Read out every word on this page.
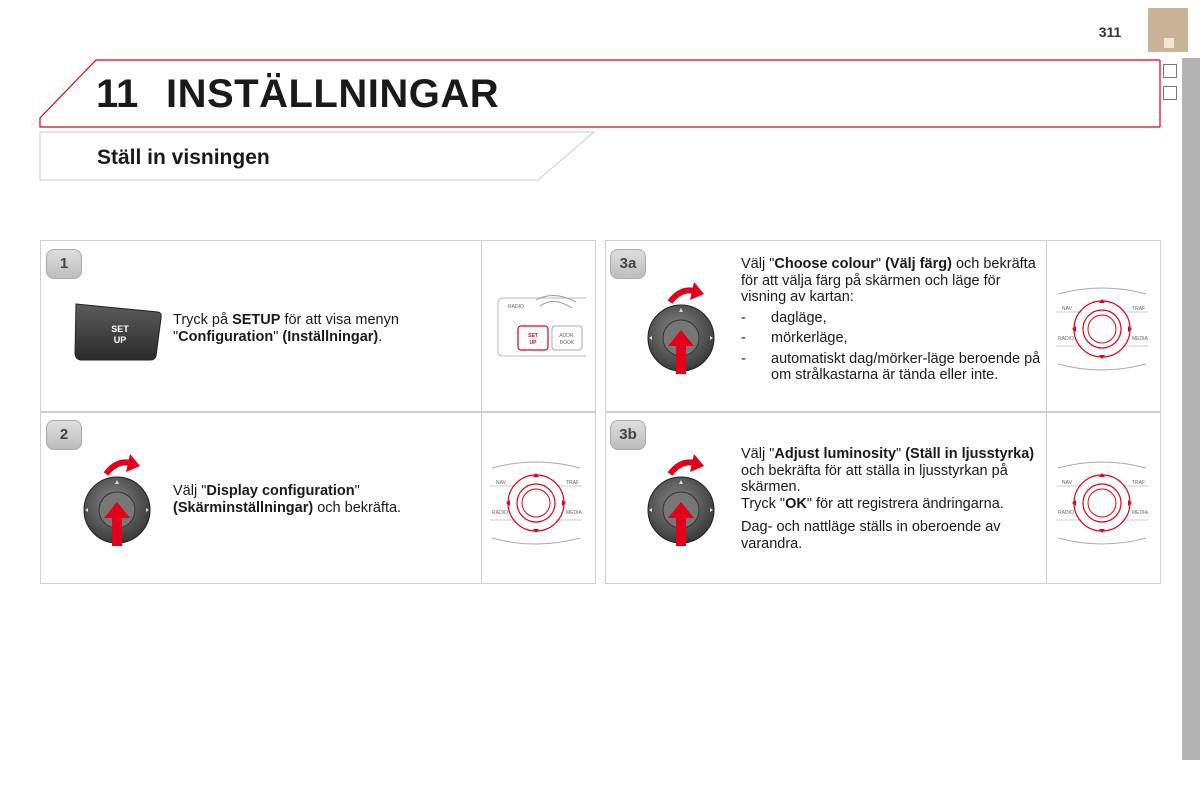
311
11 INSTÄLLNINGAR
Ställ in visningen
1
SET
UP
Tryck på SETUP för att visa menyn "Configuration" (Inställningar).
RADIO
SET
UP
ADDR.
BOOK
2
Välj "Display configuration"
(Skärminställningar) och bekräfta.
NAV	TRAF
RADIO	MEDIA
3a	Välj "Choose colour" (Välj färg) och bekräfta för att välja färg på skärmen och läge för visning av kartan:
-	dagläge,
-	mörkerläge,
-	automatiskt dag/mörker-läge beroende på om strålkastarna är tända eller inte.
NAV	TRAF
RADIO	MEDIA
3b
Välj "Adjust luminosity" (Ställ in ljusstyrka) och bekräfta för att ställa in ljusstyrkan på skärmen.
Tryck "OK" för att registrera ändringarna.
Dag- och nattläge ställs in oberoende av varandra.
NAV	TRAF
RADIO	MEDIA
